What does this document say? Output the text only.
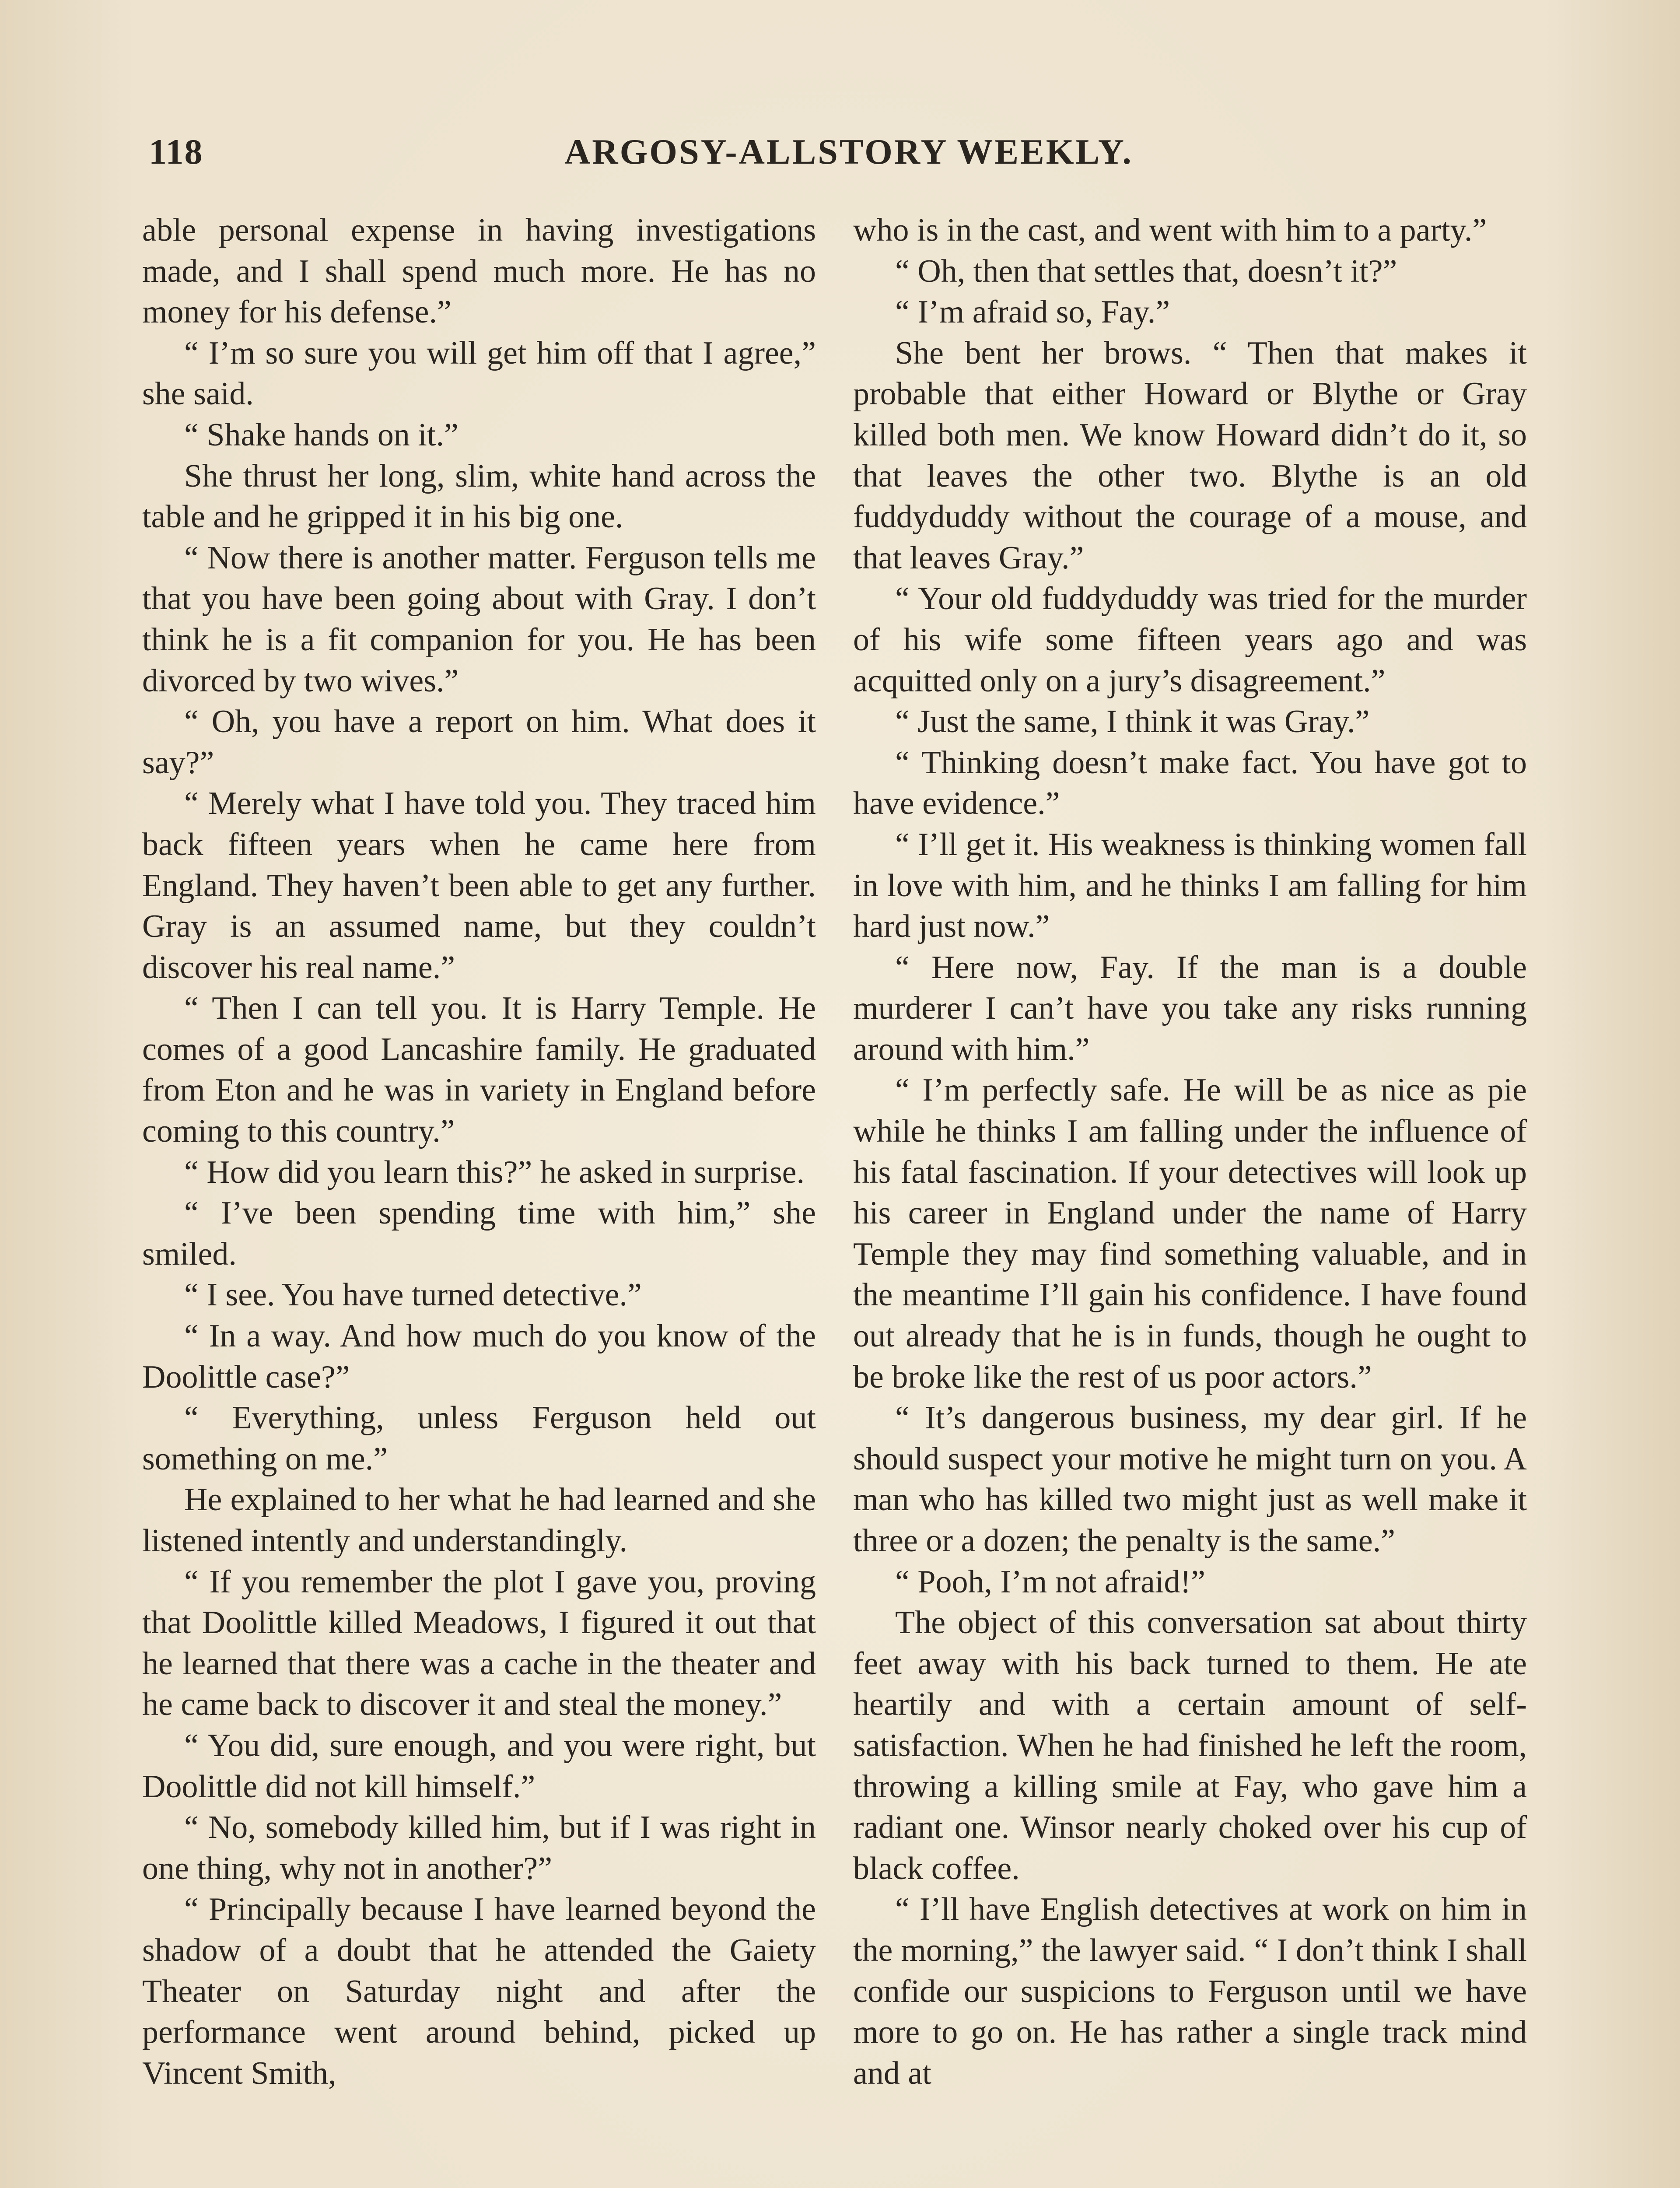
118	ARGOSY-ALLSTORY WEEKLY.

able personal expense in having investigations made, and I shall spend much more. He has no money for his defense.”

“ I’m so sure you will get him off that I agree,” she said.

“ Shake hands on it.”

She thrust her long, slim, white hand across the table and he gripped it in his big one.

“ Now there is another matter. Ferguson tells me that you have been going about with Gray. I don’t think he is a fit companion for you. He has been divorced by two wives.”

“ Oh, you have a report on him. What does it say?”

“ Merely what I have told you. They traced him back fifteen years when he came here from England. They haven’t been able to get any further. Gray is an assumed name, but they couldn’t discover his real name.”

“ Then I can tell you. It is Harry Temple. He comes of a good Lancashire family. He graduated from Eton and he was in variety in England before coming to this country.”

“ How did you learn this?” he asked in surprise.

“ I’ve been spending time with him,” she smiled.

“ I see. You have turned detective.”

“ In a way. And how much do you know of the Doolittle case?”

“ Everything, unless Ferguson held out something on me.”

He explained to her what he had learned and she listened intently and understandingly.

“ If you remember the plot I gave you, proving that Doolittle killed Meadows, I figured it out that he learned that there was a cache in the theater and he came back to discover it and steal the money.”

“ You did, sure enough, and you were right, but Doolittle did not kill himself.”

“ No, somebody killed him, but if I was right in one thing, why not in another?”

“ Principally because I have learned beyond the shadow of a doubt that he attended the Gaiety Theater on Saturday night and after the performance went around behind, picked up Vincent Smith,

who is in the cast, and went with him to a party.”

“ Oh, then that settles that, doesn’t it?”

“ I’m afraid so, Fay.”

She bent her brows. “ Then that makes it probable that either Howard or Blythe or Gray killed both men. We know Howard didn’t do it, so that leaves the other two. Blythe is an old fuddyduddy without the courage of a mouse, and that leaves Gray.”

“ Your old fuddyduddy was tried for the murder of his wife some fifteen years ago and was acquitted only on a jury’s disagreement.”

“ Just the same, I think it was Gray.”

“ Thinking doesn’t make fact. You have got to have evidence.”

“ I’ll get it. His weakness is thinking women fall in love with him, and he thinks I am falling for him hard just now.”

“ Here now, Fay. If the man is a double murderer I can’t have you take any risks running around with him.”

“ I’m perfectly safe. He will be as nice as pie while he thinks I am falling under the influence of his fatal fascination. If your detectives will look up his career in England under the name of Harry Temple they may find something valuable, and in the meantime I’ll gain his confidence. I have found out already that he is in funds, though he ought to be broke like the rest of us poor actors.”

“ It’s dangerous business, my dear girl. If he should suspect your motive he might turn on you. A man who has killed two might just as well make it three or a dozen; the penalty is the same.”

“ Pooh, I’m not afraid!”

The object of this conversation sat about thirty feet away with his back turned to them. He ate heartily and with a certain amount of self-satisfaction. When he had finished he left the room, throwing a killing smile at Fay, who gave him a radiant one. Winsor nearly choked over his cup of black coffee.

“ I’ll have English detectives at work on him in the morning,” the lawyer said. “ I don’t think I shall confide our suspicions to Ferguson until we have more to go on. He has rather a single track mind and at
